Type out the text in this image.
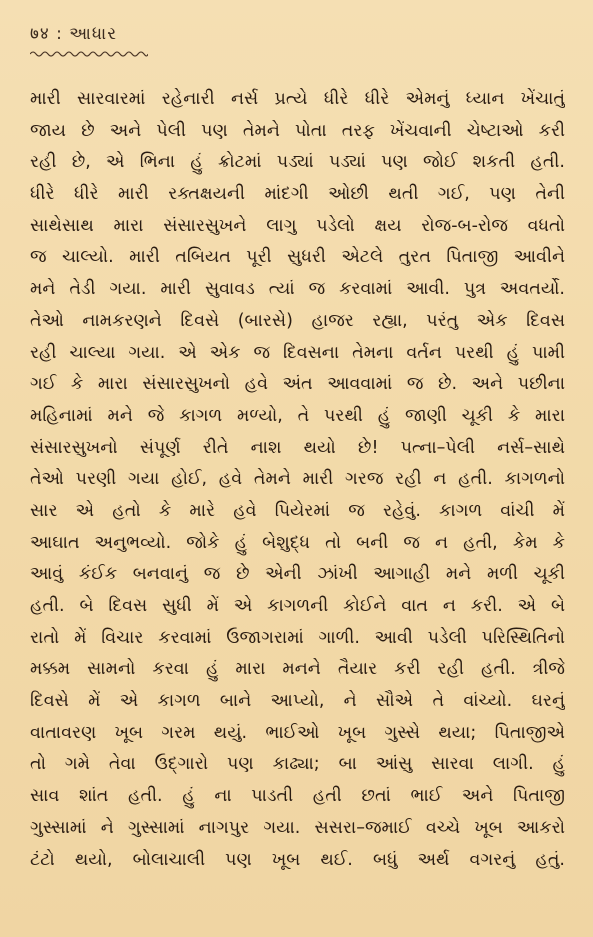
७४ : આધાર
મારી સારવારમાં રહેનારી નર્સ પ્રત્યે ધીરે ધીરે એમનું ધ્યાન ખેંચાતું
જાય છે અને પેલી પણ તેમને પોતા તરફ ખેંચવાની ચેષ્ટાઓ કરી
રહી છે, એ ભિના હું ક્રોટમાં પડ્યાં પડ્યાં પણ જોઈ શકતી હતી.
ધીરે ધીરે મારી રક્તક્ષયની માંદગી ઓછી થતી ગઈ, પણ તેની
સાથેસાથ મારા સંસારસુખને લાગુ પડેલો ક્ષય રોજ-બ-રોજ વધતો
જ ચાલ્યો. મારી તબિયત પૂરી સુધરી એટલે તુરત પિતાજી આવીને
મને તેડી ગયા. મારી સુવાવડ ત્યાં જ કરવામાં આવી. પુત્ર અવતર્યો.
તેઓ નામકરણને દિવસે (બારસે) હાજર રહ્યા, પરંતુ એક દિવસ
રહી ચાલ્યા ગયા. એ એક જ દિવસના તેમના વર્તન પરથી હું પામી
ગઈ કે મારા સંસારસુખનો હવે અંત આવવામાં જ છે. અને પછીના
મહિનામાં મને જે કાગળ મળ્યો, તે પરથી હું જાણી ચૂકી કે મારા
સંસારસુખનો સંપૂર્ણ રીતે નાશ થયો છે! પત્ના–પેલી નર્સ–સાથે
તેઓ પરણી ગયા હોઈ, હવે તેમને મારી ગરજ રહી ન હતી. કાગળનો
સાર એ હતો કે મારે હવે પિયેરમાં જ રહેવું. કાગળ વાંચી મેં
આઘાત અનુભવ્યો. જોકે હું બેશુદ્ધ તો બની જ ન હતી, કેમ કે
આવું કંઈક બનવાનું જ છે એની ઝાંખી આગાહી મને મળી ચૂકી
હતી. બે દિવસ સુધી મેં એ કાગળની કોઈને વાત ન કરી. એ બે
રાતો મેં વિચાર કરવામાં ઉજાગરામાં ગાળી. આવી પડેલી પરિસ્થિતિનો
મક્કમ સામનો કરવા હું મારા મનને તૈયાર કરી રહી હતી. ત્રીજે
દિવસે મેં એ કાગળ બાને આપ્યો, ને સૌએ તે વાંચ્યો. ઘરનું
વાતાવરણ ખૂબ ગરમ થયું. ભાઈઓ ખૂબ ગુસ્સે થયા; પિતાજીએ
તો ગમે તેવા ઉદ્ગારો પણ કાઢ્યા; બા આંસુ સારવા લાગી. હું
સાવ શાંત હતી. હું ના પાડતી હતી છતાં ભાઈ અને પિતાજી
ગુસ્સામાં ને ગુસ્સામાં નાગપુર ગયા. સસરા–જમાઈ વચ્ચે ખૂબ આકરો
ટંટો થયો, બોલાચાલી પણ ખૂબ થઈ. બધું અર્થ વગરનું હતું.
